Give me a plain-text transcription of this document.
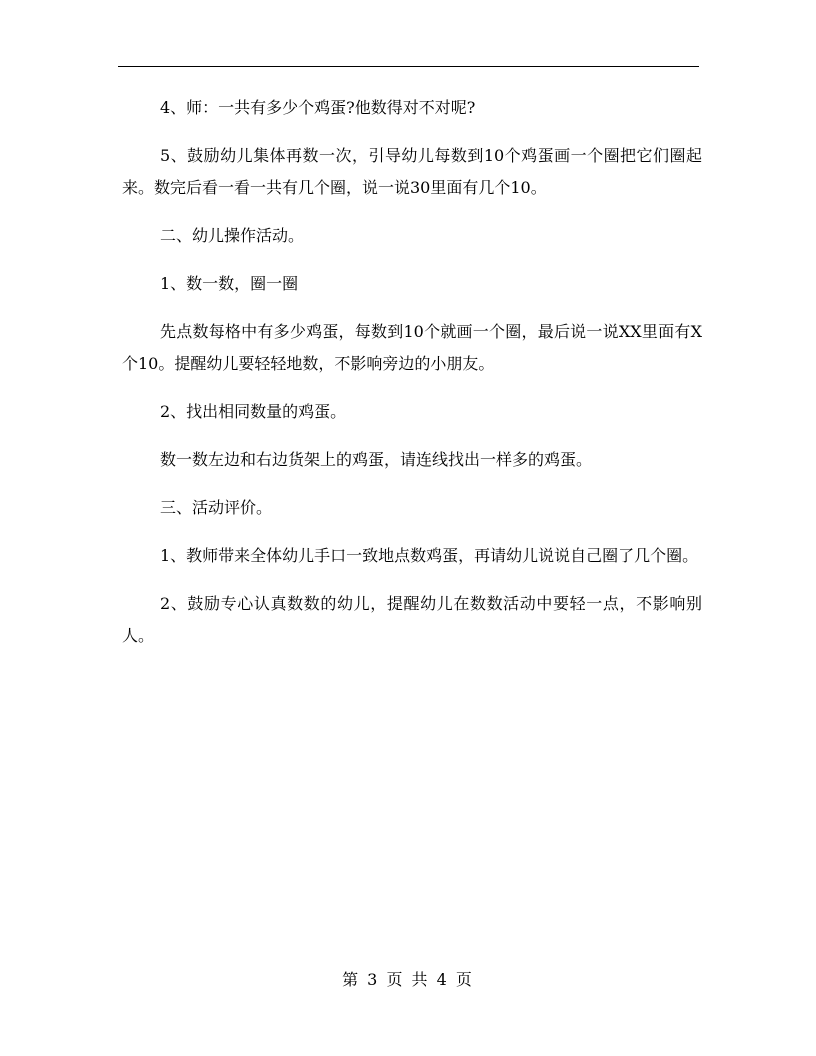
4、师：一共有多少个鸡蛋?他数得对不对呢?

5、鼓励幼儿集体再数一次，引导幼儿每数到10个鸡蛋画一个圈把它们圈起来。数完后看一看一共有几个圈，说一说30里面有几个10。

二、幼儿操作活动。

1、数一数，圈一圈

先点数每格中有多少鸡蛋，每数到10个就画一个圈，最后说一说XX里面有X个10。提醒幼儿要轻轻地数，不影响旁边的小朋友。

2、找出相同数量的鸡蛋。

数一数左边和右边货架上的鸡蛋，请连线找出一样多的鸡蛋。

三、活动评价。

1、教师带来全体幼儿手口一致地点数鸡蛋，再请幼儿说说自己圈了几个圈。

2、鼓励专心认真数数的幼儿，提醒幼儿在数数活动中要轻一点，不影响别人。

第 3 页 共 4 页
